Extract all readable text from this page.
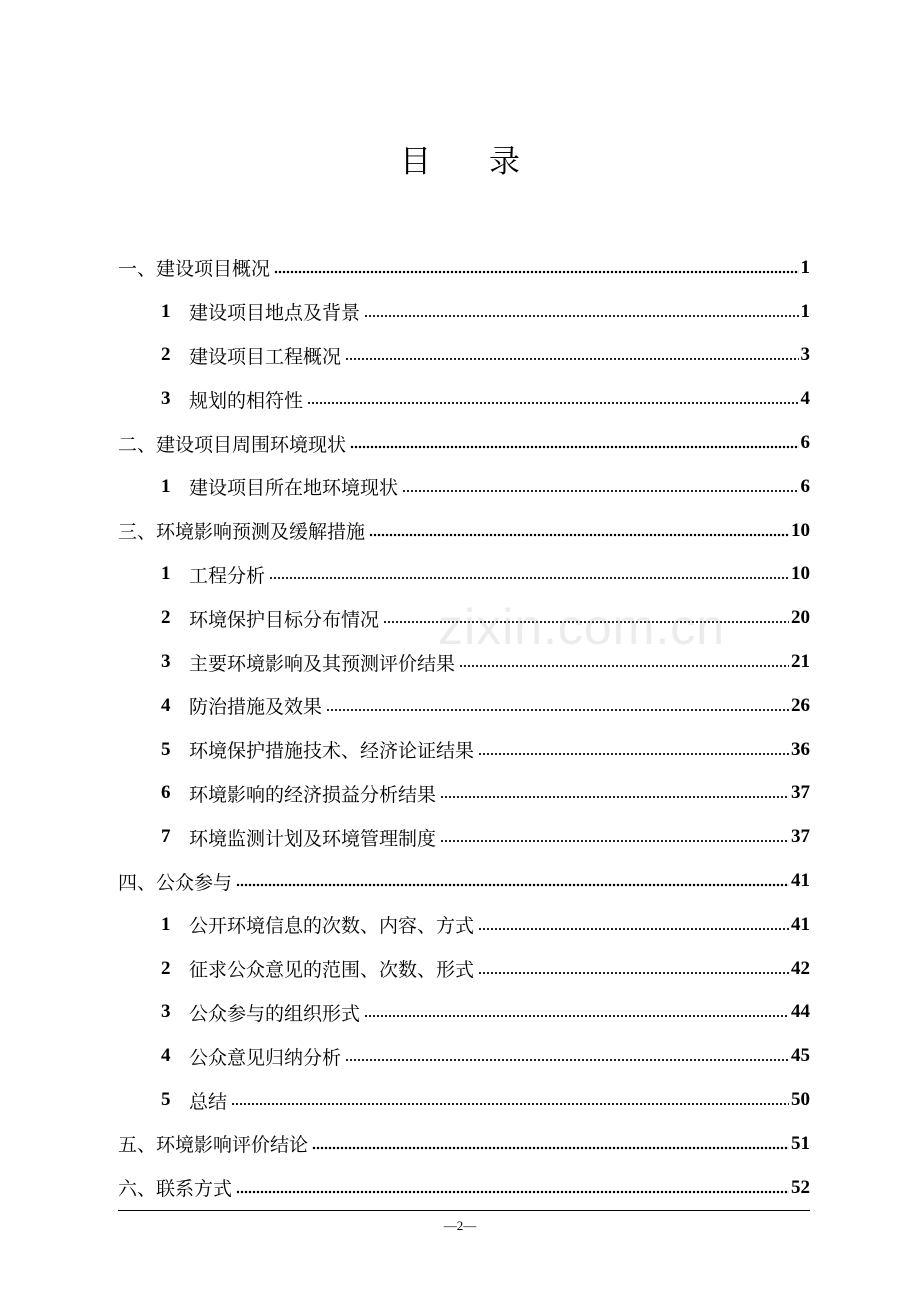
目 录
一、建设项目概况	1
1 建设项目地点及背景	1
2 建设项目工程概况	3
3 规划的相符性	4
二、建设项目周围环境现状	6
1 建设项目所在地环境现状	6
三、环境影响预测及缓解措施	10
1 工程分析	10
2 环境保护目标分布情况	20
3 主要环境影响及其预测评价结果	21
4 防治措施及效果	26
5 环境保护措施技术、经济论证结果	36
6 环境影响的经济损益分析结果	37
7 环境监测计划及环境管理制度	37
四、公众参与	41
1 公开环境信息的次数、内容、方式	41
2 征求公众意见的范围、次数、形式	42
3 公众参与的组织形式	44
4 公众意见归纳分析	45
5 总结	50
五、环境影响评价结论	51
六、联系方式	52
zixin.com.cn
—2—
